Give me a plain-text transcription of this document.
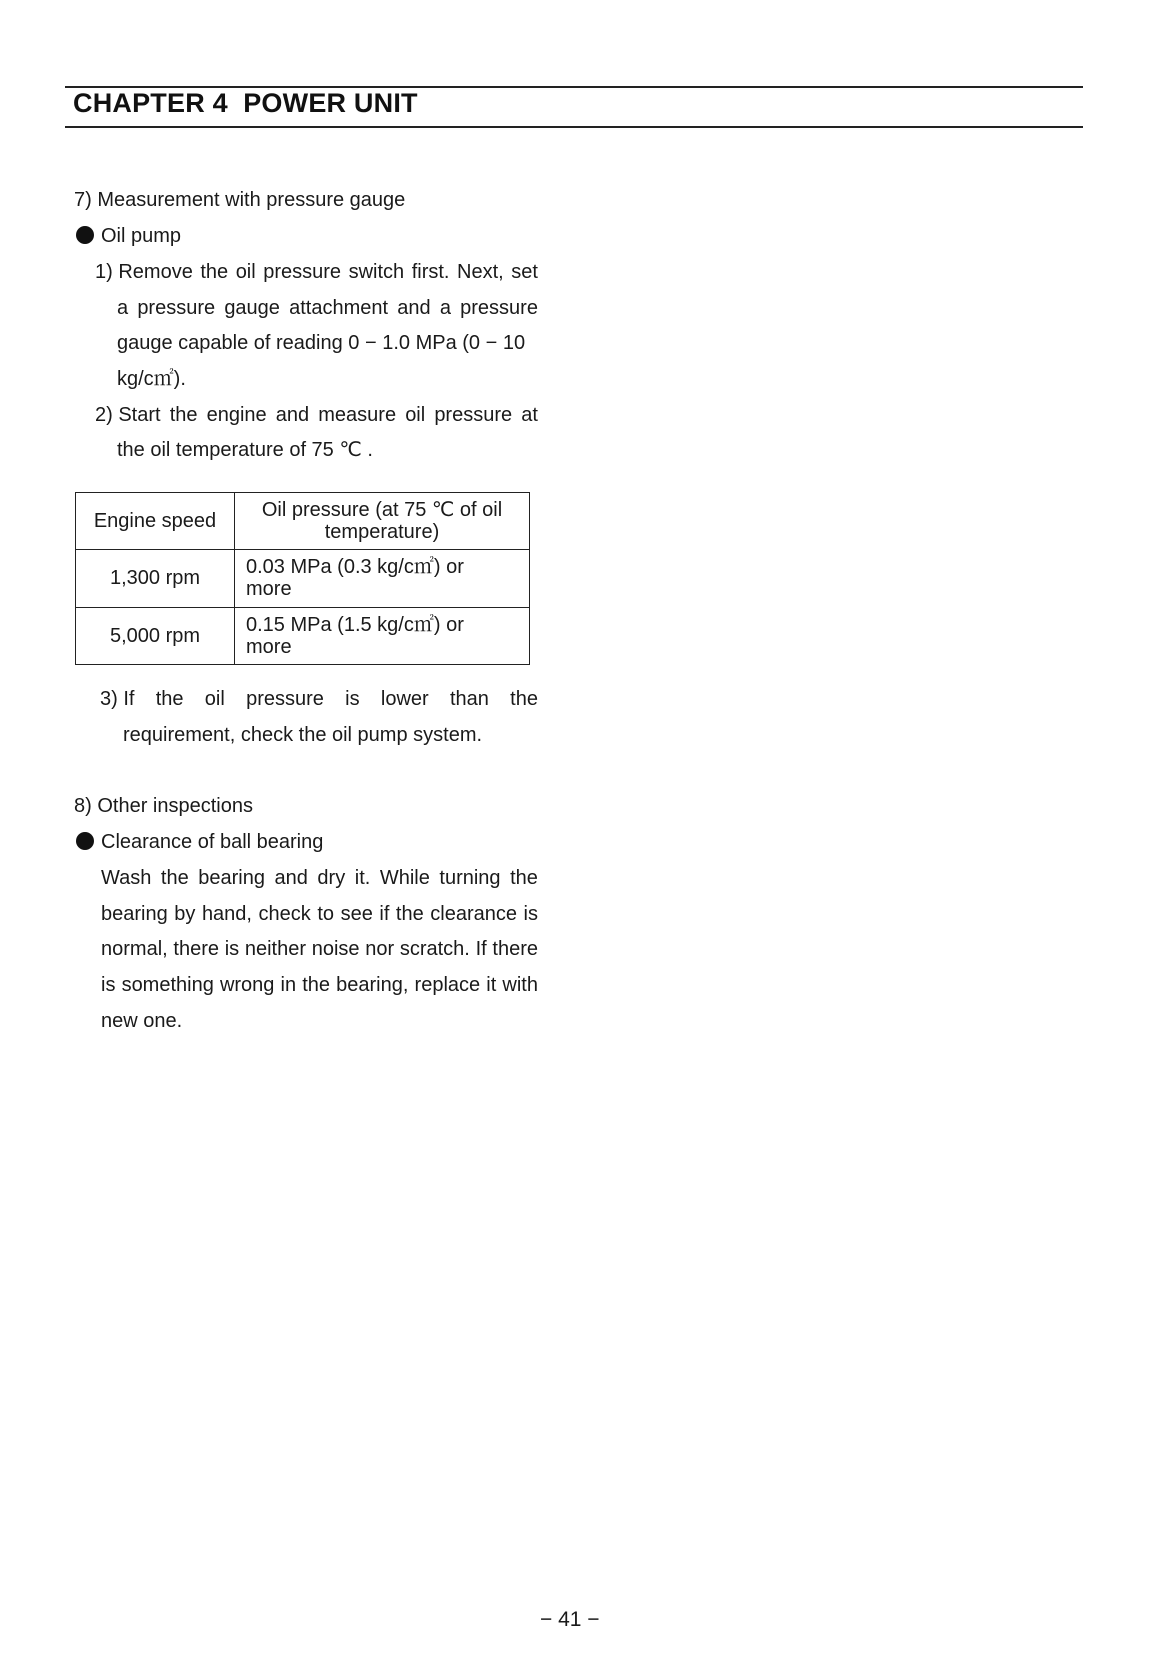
CHAPTER 4  POWER UNIT
7) Measurement with pressure gauge
Oil pump
1) Remove the oil pressure switch first. Next, set
a pressure gauge attachment and a pressure
gauge capable of reading 0 − 1.0 MPa (0 − 10
kg/c㎡).
2) Start the engine and measure oil pressure at
the oil temperature of 75 ℃ .
Engine speed	Oil pressure (at 75 ℃ of oil
temperature)

1,300 rpm	0.03 MPa (0.3 kg/c㎡) or
more

5,000 rpm	0.15 MPa (1.5 kg/c㎡) or
more
3) If the oil pressure is lower than the
requirement, check the oil pump system.
8) Other inspections
Clearance of ball bearing
Wash the bearing and dry it. While turning the
bearing by hand, check to see if the clearance is
normal, there is neither noise nor scratch. If there
is something wrong in the bearing, replace it with
new one.
− 41 −
